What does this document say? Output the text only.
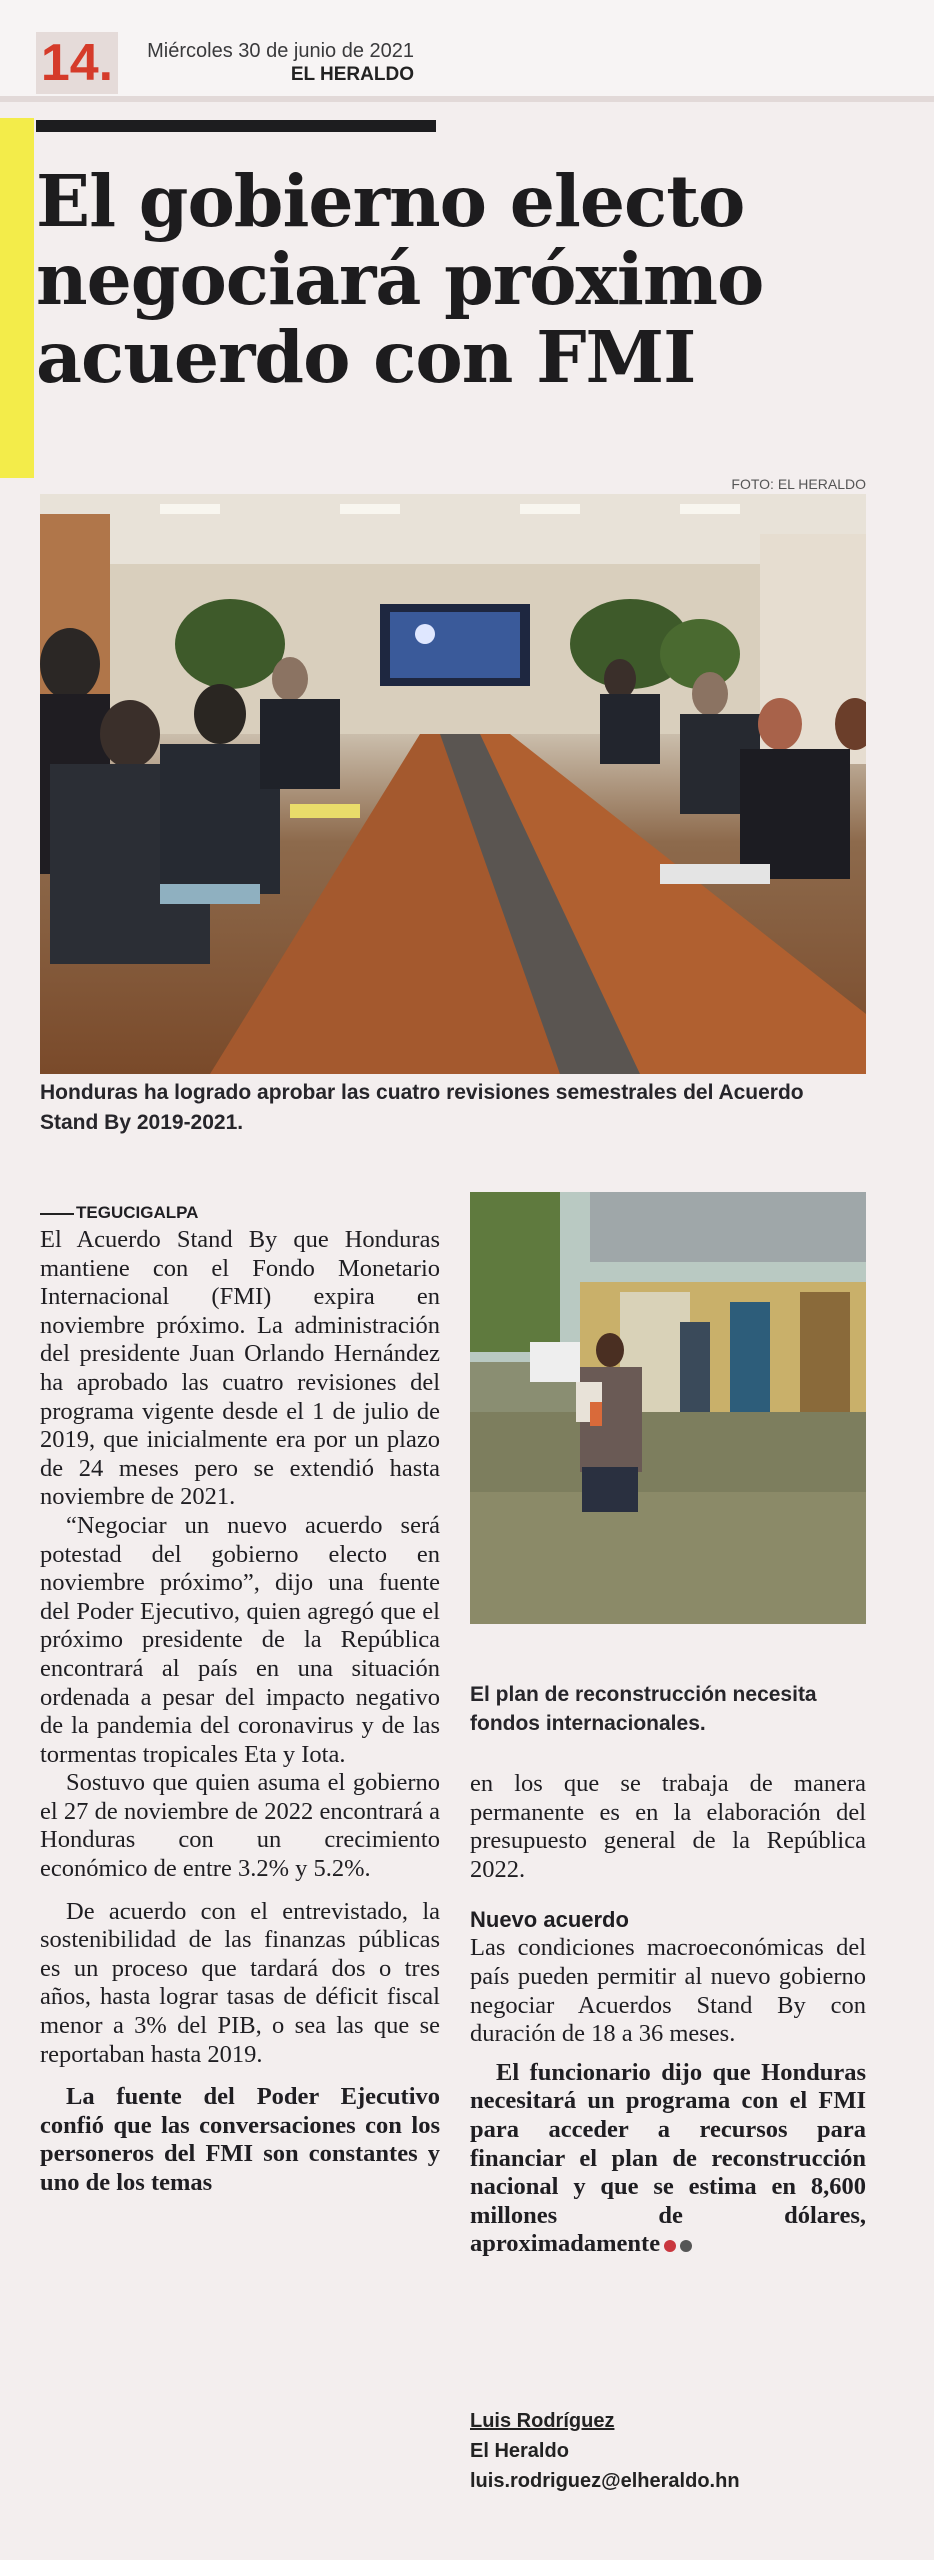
14.	Miércoles 30 de junio de 2021
EL HERALDO
El gobierno electo negociará próximo acuerdo con FMI
FOTO: EL HERALDO
Honduras ha logrado aprobar las cuatro revisiones semestrales del Acuerdo Stand By 2019-2021.
TEGUCIGALPA

El Acuerdo Stand By que Honduras mantiene con el Fondo Monetario Internacional (FMI) expira en noviembre próximo. La administración del presidente Juan Orlando Hernández ha aprobado las cuatro revisiones del programa vigente desde el 1 de julio de 2019, que inicialmente era por un plazo de 24 meses pero se extendió hasta noviembre de 2021.

“Negociar un nuevo acuerdo será potestad del gobierno electo en noviembre próximo”, dijo una fuente del Poder Ejecutivo, quien agregó que el próximo presidente de la República encontrará al país en una situación ordenada a pesar del impacto negativo de la pandemia del coronavirus y de las tormentas tropicales Eta y Iota.

Sostuvo que quien asuma el gobierno el 27 de noviembre de 2022 encontrará a Honduras con un crecimiento económico de entre 3.2% y 5.2%.

De acuerdo con el entrevistado, la sostenibilidad de las finanzas públicas es un proceso que tardará dos o tres años, hasta lograr tasas de déficit fiscal menor a 3% del PIB, o sea las que se reportaban hasta 2019.

La fuente del Poder Ejecutivo confió que las conversaciones con los personeros del FMI son constantes y uno de los temas

El plan de reconstrucción necesita fondos internacionales.

en los que se trabaja de manera permanente es en la elaboración del presupuesto general de la República 2022.

Nuevo acuerdo

Las condiciones macroeconómicas del país pueden permitir al nuevo gobierno negociar Acuerdos Stand By con duración de 18 a 36 meses.

El funcionario dijo que Honduras necesitará un programa con el FMI para acceder a recursos para financiar el plan de reconstrucción nacional y que se estima en 8,600 millones de dólares, aproximadamente

Luis Rodríguez
El Heraldo
luis.rodriguez@elheraldo.hn
